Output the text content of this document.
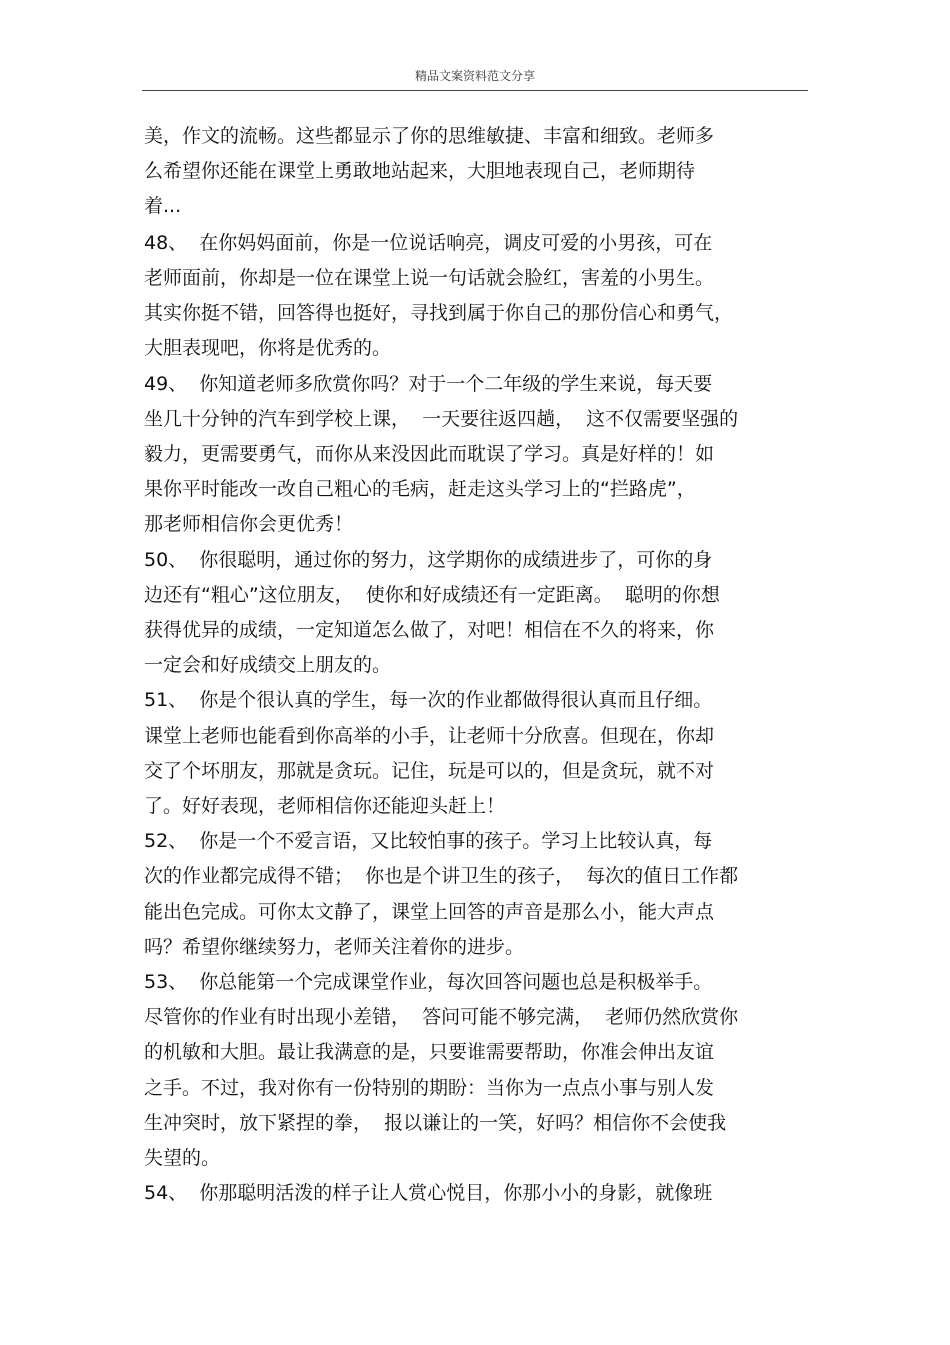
精品文案资料范文分享
美，作文的流畅。这些都显示了你的思维敏捷、丰富和细致。老师多
么希望你还能在课堂上勇敢地站起来，大胆地表现自己，老师期待
着...
48、  在你妈妈面前，你是一位说话响亮，调皮可爱的小男孩，可在
老师面前，你却是一位在课堂上说一句话就会脸红，害羞的小男生。
其实你挺不错，回答得也挺好，寻找到属于你自己的那份信心和勇气，
大胆表现吧，你将是优秀的。
49、  你知道老师多欣赏你吗？对于一个二年级的学生来说，每天要
坐几十分钟的汽车到学校上课，  一天要往返四趟，  这不仅需要坚强的
毅力，更需要勇气，而你从来没因此而耽误了学习。真是好样的！如
果你平时能改一改自己粗心的毛病，赶走这头学习上的“拦路虎”，
那老师相信你会更优秀！
50、  你很聪明，通过你的努力，这学期你的成绩进步了，可你的身
边还有“粗心”这位朋友，  使你和好成绩还有一定距离。  聪明的你想
获得优异的成绩，一定知道怎么做了，对吧！相信在不久的将来，你
一定会和好成绩交上朋友的。
51、  你是个很认真的学生，每一次的作业都做得很认真而且仔细。
课堂上老师也能看到你高举的小手，让老师十分欣喜。但现在，你却
交了个坏朋友，那就是贪玩。记住，玩是可以的，但是贪玩，就不对
了。好好表现，老师相信你还能迎头赶上！
52、  你是一个不爱言语，又比较怕事的孩子。学习上比较认真，每
次的作业都完成得不错；  你也是个讲卫生的孩子，  每次的值日工作都
能出色完成。可你太文静了，课堂上回答的声音是那么小，能大声点
吗？希望你继续努力，老师关注着你的进步。
53、  你总能第一个完成课堂作业，每次回答问题也总是积极举手。
尽管你的作业有时出现小差错，  答问可能不够完满，  老师仍然欣赏你
的机敏和大胆。最让我满意的是，只要谁需要帮助，你准会伸出友谊
之手。不过，我对你有一份特别的期盼：当你为一点点小事与别人发
生冲突时，放下紧捏的拳，  报以谦让的一笑，好吗？相信你不会使我
失望的。
54、  你那聪明活泼的样子让人赏心悦目，你那小小的身影，就像班
